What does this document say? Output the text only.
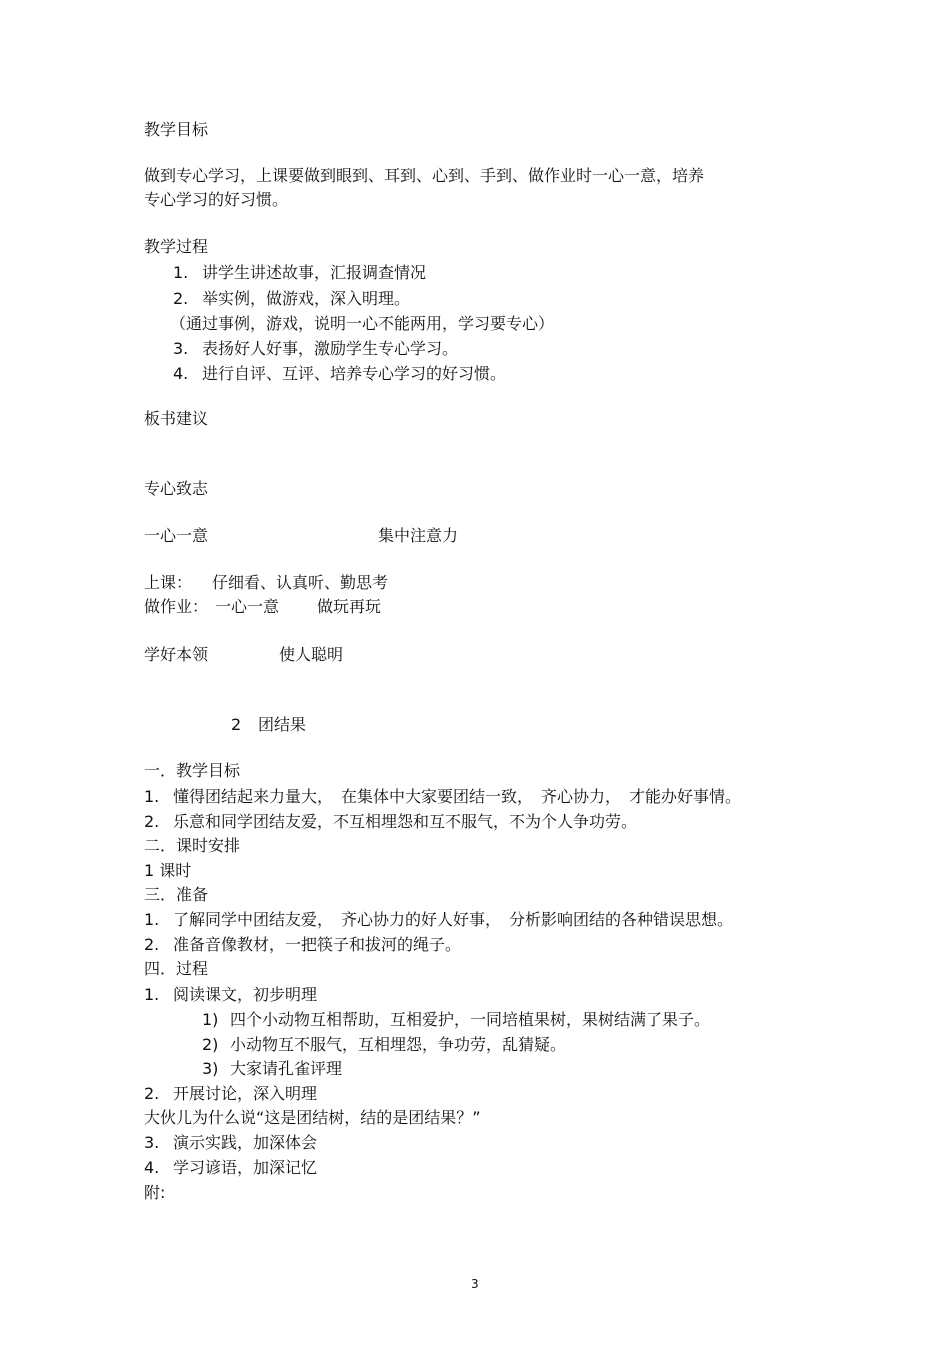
教学目标
做到专心学习，上课要做到眼到、耳到、心到、手到、做作业时一心一意，培养
专心学习的好习惯。
教学过程
1. 讲学生讲述故事，汇报调查情况
2. 举实例，做游戏，深入明理。
（通过事例，游戏，说明一心不能两用，学习要专心）
3. 表扬好人好事，激励学生专心学习。
4. 进行自评、互评、培养专心学习的好习惯。
板书建议
专心致志
一心一意	集中注意力
上课： 仔细看、认真听、勤思考
做作业： 一心一意 做玩再玩
学好本领	使人聪明
2 团结果
一．教学目标
1. 懂得团结起来力量大，　在集体中大家要团结一致，　齐心协力，　才能办好事情。
2. 乐意和同学团结友爱，不互相埋怨和互不服气，不为个人争功劳。
二．课时安排
1 课时
三．准备
1. 了解同学中团结友爱，　齐心协力的好人好事，　分析影响团结的各种错误思想。
2. 准备音像教材，一把筷子和拔河的绳子。
四．过程
1. 阅读课文，初步明理
1) 四个小动物互相帮助，互相爱护，一同培植果树，果树结满了果子。
2) 小动物互不服气，互相埋怨，争功劳，乱猜疑。
3) 大家请孔雀评理
2. 开展讨论，深入明理
大伙儿为什么说“这是团结树，结的是团结果？”
3. 演示实践，加深体会
4. 学习谚语，加深记忆
附:
3
